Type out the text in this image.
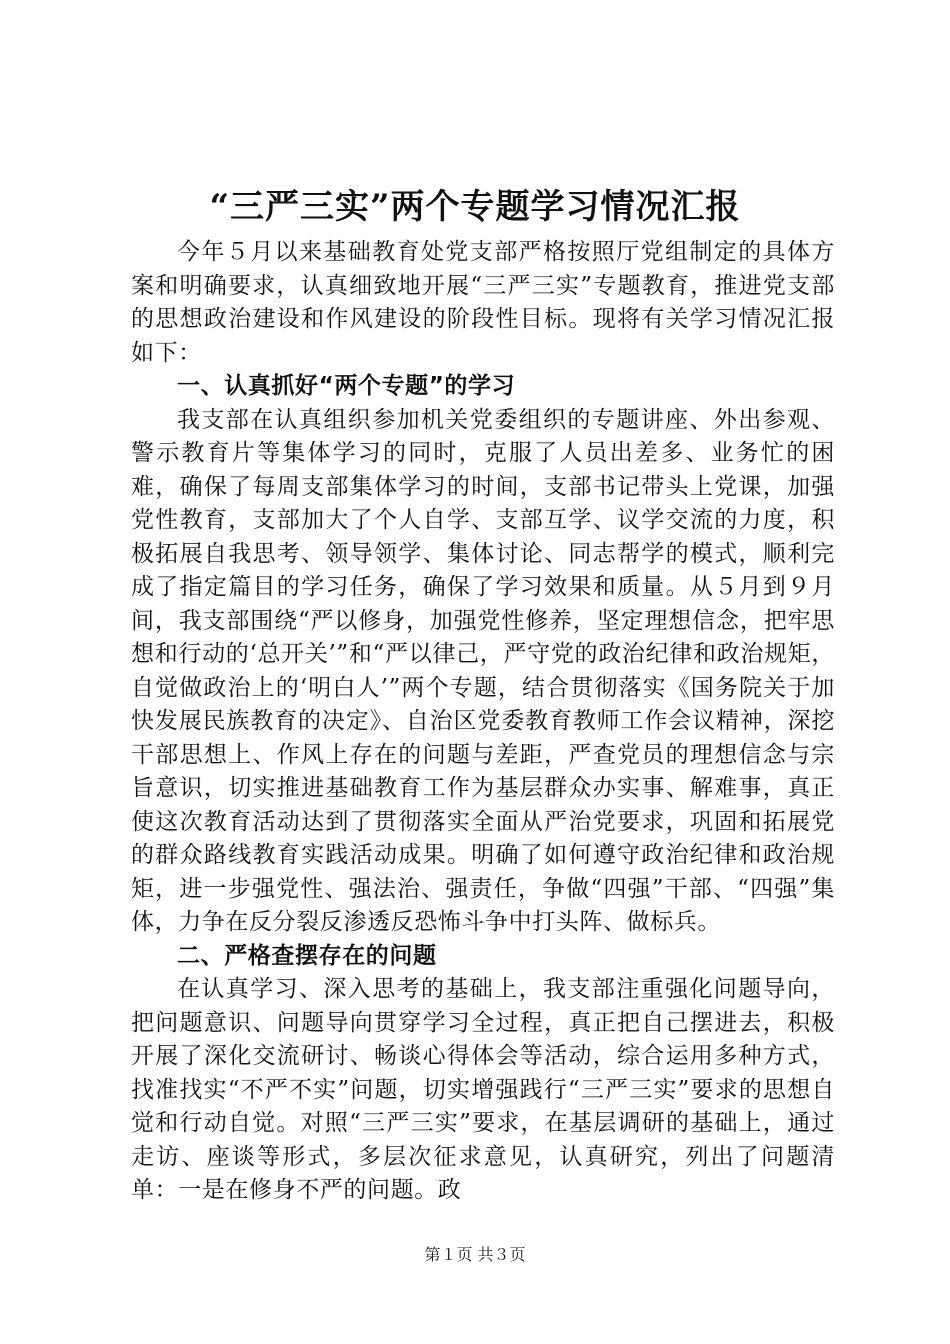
“三严三实”两个专题学习情况汇报

今年５月以来基础教育处党支部严格按照厅党组制定的具体方案和明确要求，认真细致地开展“三严三实”专题教育，推进党支部的思想政治建设和作风建设的阶段性目标。现将有关学习情况汇报如下：

一、认真抓好“两个专题”的学习

我支部在认真组织参加机关党委组织的专题讲座、外出参观、警示教育片等集体学习的同时，克服了人员出差多、业务忙的困难，确保了每周支部集体学习的时间，支部书记带头上党课，加强党性教育，支部加大了个人自学、支部互学、议学交流的力度，积极拓展自我思考、领导领学、集体讨论、同志帮学的模式，顺利完成了指定篇目的学习任务，确保了学习效果和质量。从５月到９月间，我支部围绕“严以修身，加强党性修养，坚定理想信念，把牢思想和行动的‘总开关’”和“严以律己，严守党的政治纪律和政治规矩，自觉做政治上的‘明白人’”两个专题，结合贯彻落实《国务院关于加快发展民族教育的决定》、自治区党委教育教师工作会议精神，深挖干部思想上、作风上存在的问题与差距，严查党员的理想信念与宗旨意识，切实推进基础教育工作为基层群众办实事、解难事，真正使这次教育活动达到了贯彻落实全面从严治党要求，巩固和拓展党的群众路线教育实践活动成果。明确了如何遵守政治纪律和政治规矩，进一步强党性、强法治、强责任，争做“四强”干部、“四强”集体，力争在反分裂反渗透反恐怖斗争中打头阵、做标兵。

二、严格查摆存在的问题

在认真学习、深入思考的基础上，我支部注重强化问题导向，把问题意识、问题导向贯穿学习全过程，真正把自己摆进去，积极开展了深化交流研讨、畅谈心得体会等活动，综合运用多种方式，找准找实“不严不实”问题，切实增强践行“三严三实”要求的思想自觉和行动自觉。对照“三严三实”要求，在基层调研的基础上，通过走访、座谈等形式，多层次征求意见，认真研究，列出了问题清单：一是在修身不严的问题。政

第１页 共３页
